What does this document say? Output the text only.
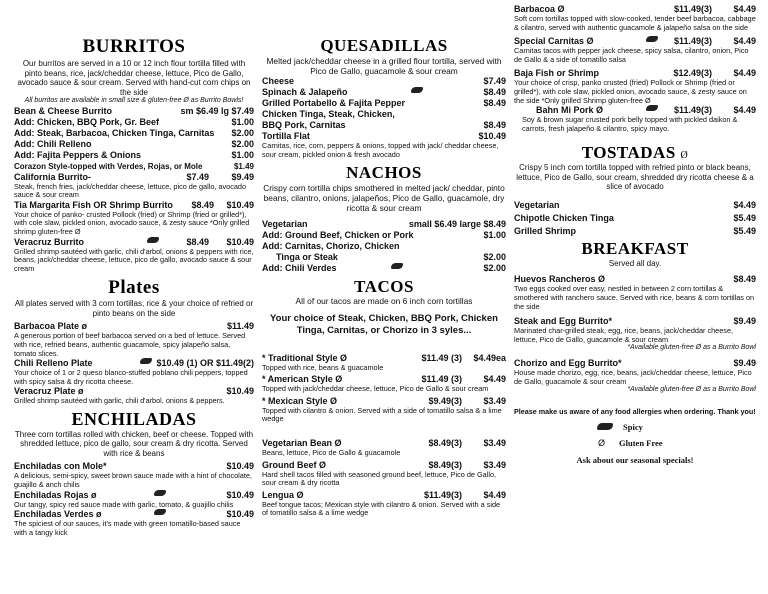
BURRITOS
Our burritos are served in a 10 or 12 inch flour tortilla filled with pinto beans, rice, jack/cheddar cheese, lettuce, Pico de Gallo, avocado sauce & sour cream. Served with hand-cut corn chips on the side
All burritos are available in small size & gluten-free Ø as Burrito Bowls!
Bean & Cheese Burrito	sm $6.49 lg $7.49
Add: Chicken, BBQ Pork, Gr. Beef	$1.00
Add: Steak, Barbacoa, Chicken Tinga, Carnitas	$2.00
Add: Chili Relleno	$2.00
Add: Fajita Peppers & Onions	$1.00
Corazon Style-topped with Verdes, Rojas, or Mole	$1.49
California Burrito-	$7.49	$9.49
Steak, french fries, jack/cheddar cheese, lettuce, pico de gallo, avocado sauce & sour cream
Tia Margarita Fish OR Shrimp Burrito	$8.49	$10.49
Your choice of panko- crusted Pollock (fried) or Shrimp (fried or grilled*), with cole slaw, pickled onion, avocado sauce, & zesty sauce *Only grilled shrimp gluten-free Ø
Veracruz Burrito	$8.49	$10.49
Grilled shrimp sautéed with garlic, chili d'arbol, onions & peppers with rice, beans, jack/cheddar cheese, lettuce, pico de gallo, avocado sauce & sour cream
Plates
All plates served with 3 corn tortillas, rice & your choice of refried or pinto beans on the side
Barbacoa Plate ø	$11.49
A generous portion of beef barbacoa served on a bed of lettuce. Served with rice, refried beans, authentic guacamole, spicy jalapeño salsa, tomato slices.
Chili Relleno Plate	$10.49 (1) OR $11.49(2)
Your choice of 1 or 2 queso blanco-stuffed poblano chili peppers, topped with spicy salsa & dry ricotta cheese.
Veracruz Plate ø	$10.49
Grilled shrimp sautéed with garlic, chili d'arbol, onions & peppers.
ENCHILADAS
Three corn tortillas rolled with chicken, beef or cheese. Topped with shredded lettuce, pico de gallo, sour cream & dry ricotta. Served with rice & beans
Enchiladas con Mole*	$10.49
A delicious, semi-spicy, sweet brown sauce made with a hint of chocolate, guajillo & anch chilis
Enchiladas Rojas ø	$10.49
Our tangy, spicy red sauce made with garlic, tomato, & guajillo chilis
Enchiladas Verdes ø	$10.49
The spiciest of our sauces, it's made with green tomatillo-based sauce with a tangy kick
QUESADILLAS
Melted jack/cheddar cheese in a grilled flour tortilla, served with Pico de Gallo, guacamole & sour cream
Cheese	$7.49
Spinach & Jalapeño	$8.49
Grilled Portabello & Fajita Pepper	$8.49
Chicken Tinga, Steak, Chicken,
BBQ Pork, Carnitas	$8.49
Tortilla Flat	$10.49
Carnitas, rice, corn, peppers & onions, topped with jack/ cheddar cheese, sour cream, pickled onion & fresh avocado
NACHOS
Crispy corn tortilla chips smothered in melted jack/ cheddar, pinto beans, cilantro, onions, jalapeños, Pico de Gallo, guacamole, dry ricotta & sour cream
Vegetarian	small $6.49 large $8.49
Add: Ground Beef, Chicken or Pork	$1.00
Add: Carnitas, Chorizo, Chicken
Tinga or Steak	$2.00
Add: Chili Verdes	$2.00
TACOS
All of our tacos are made on 6 inch corn tortillas
Your choice of Steak, Chicken, BBQ Pork, Chicken Tinga, Carnitas, or Chorizo in 3 syles...
* Traditional Style Ø	$11.49 (3)	$4.49ea
Topped with rice, beans & guacamole
* American Style Ø	$11.49 (3)	$4.49
Topped with jack/cheddar cheese, lettuce, Pico de Gallo & sour cream
* Mexican Style Ø	$9.49(3)	$3.49
Topped with cilantro & onion. Served with a side of tomatillo salsa & a lime wedge
Vegetarian Bean Ø	$8.49(3)	$3.49
Beans, lettuce, Pico de Gallo & guacamole
Ground Beef Ø	$8.49(3)	$3.49
Hard shell tacos filled with seasoned ground beef, lettuce, Pico de Gallo, sour cream & dry ricotta
Lengua Ø	$11.49(3)	$4.49
Beef tongue tacos; Mexican style with cilantro & onion. Served with a side of tomatillo salsa & a lime wedge
Barbacoa Ø	$11.49(3)	$4.49
Soft corn tortillas topped with slow-cooked, tender beef barbacoa, cabbage & cilantro, served with authentic guacamole & jalapeño salsa on the side
Special Carnitas Ø	$11.49(3)	$4.49
Carnitas tacos with pepper jack cheese, spicy salsa, cilantro, onion, Pico de Gallo & a side of tomatillo salsa
Baja Fish or Shrimp	$12.49(3)	$4.49
Your choice of crisp, panko crusted (fried) Pollock or Shrimp (fried or grilled*), with cole slaw, pickled onion, avocado sauce, & zesty sauce on the side *Only grilled Shrimp gluten-free Ø
Bahn Mi Pork Ø	$11.49(3)	$4.49
Soy & brown sugar crusted pork belly topped with pickled daikon & carrots, fresh jalapeño & cilantro, spicy mayo.
TOSTADAS Ø
Crispy 5 inch corn tortilla topped with refried pinto or black beans, lettuce, Pico de Gallo, sour cream, shredded dry ricotta cheese & a slice of avocado
Vegetarian	$4.49
Chipotle Chicken Tinga	$5.49
Grilled Shrimp	$5.49
BREAKFAST
Served all day.
Huevos Rancheros Ø	$8.49
Two eggs cooked over easy, nestled in between 2 corn tortillas & smothered with ranchero sauce. Served with rice, beans & corn tortillas on the side
Steak and Egg Burrito*	$9.49
Marinated char-grilled steak, egg, rice, beans, jack/cheddar cheese, lettuce, Pico de Gallo, guacamole & sour cream
*Available gluten-free Ø as a Burrito Bowl
Chorizo and Egg Burrito*	$9.49
House made chorizo, egg, rice, beans, jack/cheddar cheese, lettuce, Pico de Gallo, guacamole & sour cream
*Available gluten-free Ø as a Burrito Bowl
Please make us aware of any food allergies when ordering. Thank you!
Spicy
Ø Gluten Free
Ask about our seasonal specials!
